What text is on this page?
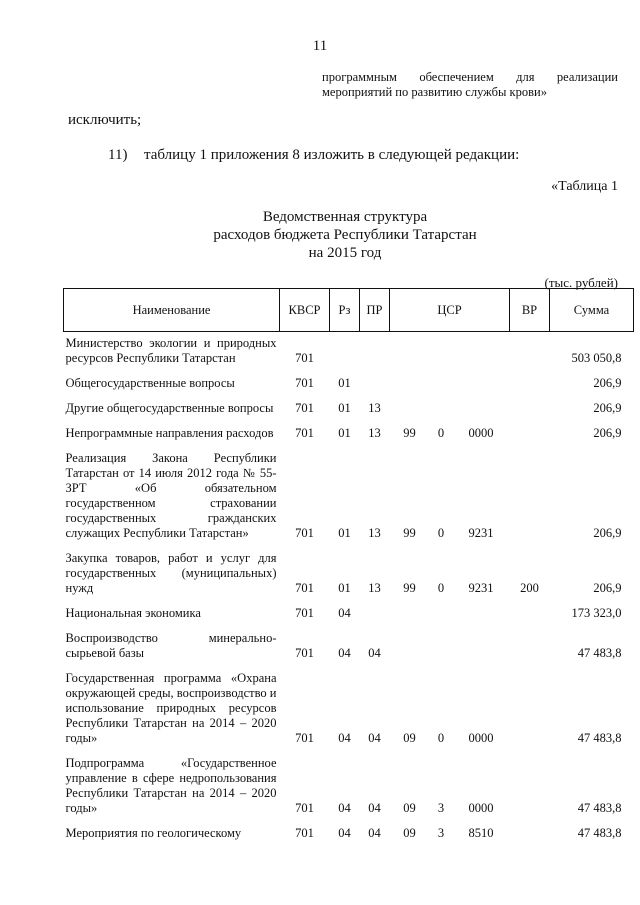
11
программным обеспечением для реализации
мероприятий по развитию службы крови»
исключить;
11) таблицу 1 приложения 8 изложить в следующей редакции:
«Таблица 1
Ведомственная структура
расходов бюджета Республики Татарстан
на 2015 год
(тыс. рублей)
Наименование	КВСР	Рз	ПР	ЦСР			ВР	Сумма
Министерство экологии и природных ресурсов Республики Татарстан	701							503 050,8
Общегосударственные вопросы	701	01						206,9
Другие общегосударственные вопросы	701	01	13					206,9
Непрограммные направления расходов	701	01	13	99	0	0000		206,9
Реализация Закона Республики Татарстан от 14 июля 2012 года № 55-ЗРТ «Об обязательном государственном страховании государственных гражданских служащих Республики Татарстан»	701	01	13	99	0	9231		206,9
Закупка товаров, работ и услуг для государственных (муниципальных) нужд	701	01	13	99	0	9231	200	206,9
Национальная экономика	701	04						173 323,0
Воспроизводство минерально-сырьевой базы	701	04	04					47 483,8
Государственная программа «Охрана окружающей среды, воспроизводство и использование природных ресурсов Республики Татарстан на 2014 – 2020 годы»	701	04	04	09	0	0000		47 483,8
Подпрограмма «Государственное управление в сфере недропользования Республики Татарстан на 2014 – 2020 годы»	701	04	04	09	3	0000		47 483,8
Мероприятия по геологическому	701	04	04	09	3	8510		47 483,8
